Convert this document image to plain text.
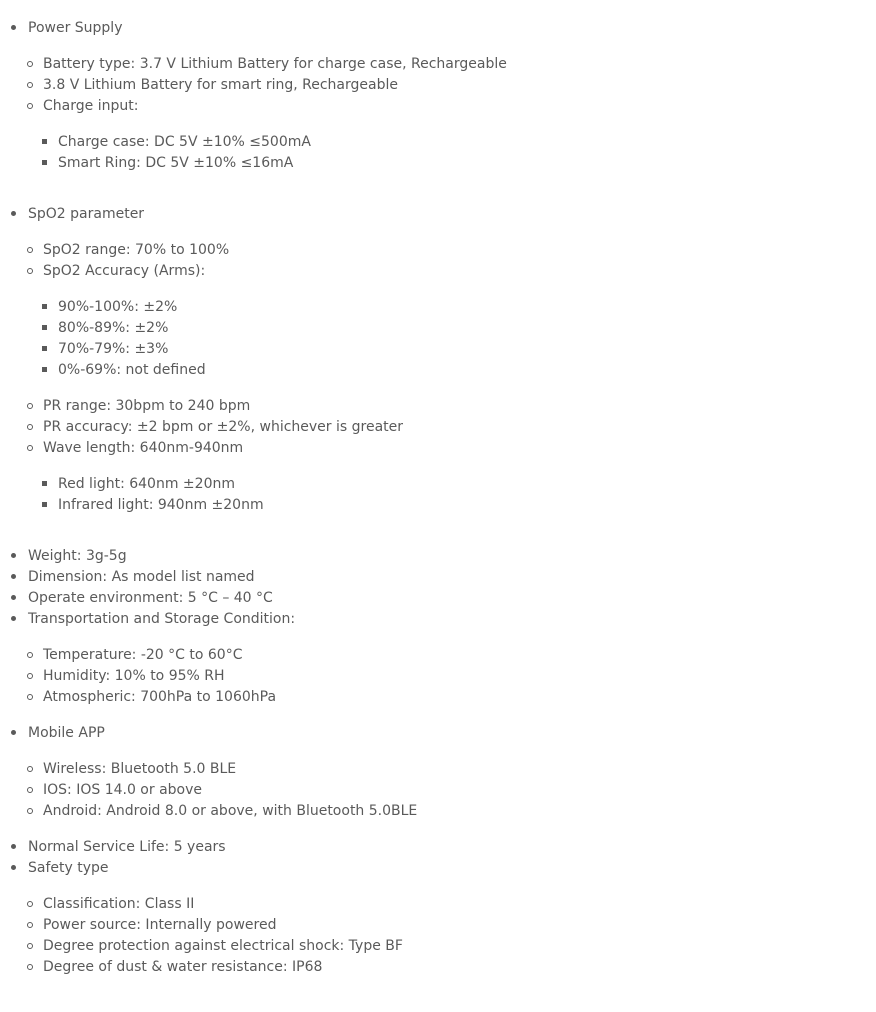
Power Supply
Battery type: 3.7 V Lithium Battery for charge case, Rechargeable
3.8 V Lithium Battery for smart ring, Rechargeable
Charge input:
Charge case: DC 5V ±10% ≤500mA
Smart Ring: DC 5V ±10% ≤16mA
SpO2 parameter
SpO2 range: 70% to 100%
SpO2 Accuracy (Arms):
90%-100%: ±2%
80%-89%: ±2%
70%-79%: ±3%
0%-69%: not defined
PR range: 30bpm to 240 bpm
PR accuracy: ±2 bpm or ±2%, whichever is greater
Wave length: 640nm-940nm
Red light: 640nm ±20nm
Infrared light: 940nm ±20nm
Weight: 3g-5g
Dimension: As model list named
Operate environment: 5 °C – 40 °C
Transportation and Storage Condition:
Temperature: -20 °C to 60°C
Humidity: 10% to 95% RH
Atmospheric: 700hPa to 1060hPa
Mobile APP
Wireless: Bluetooth 5.0 BLE
IOS: IOS 14.0 or above
Android: Android 8.0 or above, with Bluetooth 5.0BLE
Normal Service Life: 5 years
Safety type
Classification: Class II
Power source: Internally powered
Degree protection against electrical shock: Type BF
Degree of dust & water resistance: IP68
